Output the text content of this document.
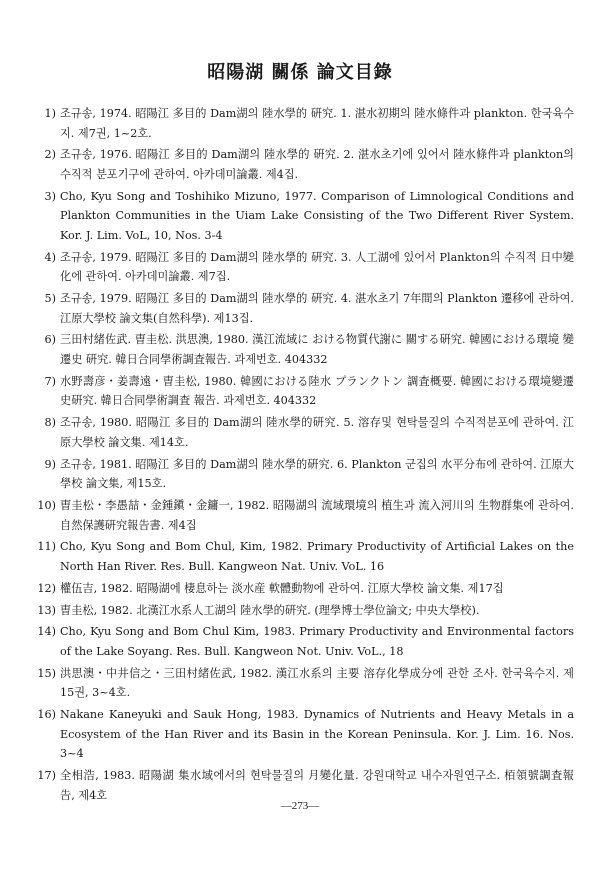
昭陽湖 關係 論文目錄
1) 조규송, 1974. 昭陽江 多目的 Dam湖의 陸水學的 硏究. 1. 湛水初期의 陸水條件과 plankton. 한국육수지. 제7권, 1~2호.
2) 조규송, 1976. 昭陽江 多目的 Dam湖의 陸水學的 硏究. 2. 湛水초기에 있어서 陸水條件과 plankton의 수직적 분포기구에 관하여. 아카데미論叢. 제4집.
3) Cho, Kyu Song and Toshihiko Mizuno, 1977. Comparison of Limnological Conditions and Plankton Communities in the Uiam Lake Consisting of the Two Different River System. Kor. J. Lim. VoL, 10, Nos. 3-4
4) 조규송, 1979. 昭陽江 多目的 Dam湖의 陸水學的 硏究. 3. 人工湖에 있어서 Plankton의 수직적 日中變化에 관하여. 아카데미論叢. 제7집.
5) 조규송, 1979. 昭陽江 多目的 Dam湖의 陸水學的 硏究. 4. 湛水초기 7年間의 Plankton 遷移에 관하여. 江原大學校 論文集(自然科學). 제13집.
6) 三田村緒佐武. 曺圭松. 洪思澳, 1980. 漢江流域に おける物質代謝に 關する硏究. 韓國における環境 變遷史 硏究. 韓日合同學術調査報告. 과제번호. 404332
7) 水野壽彦・姜壽遠・曺圭松, 1980. 韓國における陸水 プランクトン 調査概要. 韓國における環境變遷史硏究. 韓日合同學術調査 報告. 과제번호. 404332
8) 조규송, 1980. 昭陽江 多目的 Dam湖의 陸水學的硏究. 5. 溶存및 현탁물질의 수직적분포에 관하여. 江原大學校 論文集. 제14호.
9) 조규송, 1981. 昭陽江 多目的 Dam湖의 陸水學的硏究. 6. Plankton 군집의 水平分布에 관하여. 江原大學校 論文集, 제15호.
10) 曺圭松・李愚喆・金鍾鎭・金鏞一, 1982. 昭陽湖의 流域環境의 植生과 流入河川의 生物群集에 관하여. 自然保護硏究報告書. 제4집
11) Cho, Kyu Song and Bom Chul, Kim, 1982. Primary Productivity of Artificial Lakes on the North Han River. Res. Bull. Kangweon Nat. Univ. VoL. 16
12) 權伍吉, 1982. 昭陽湖에 棲息하는 淡水産 軟體動物에 관하여. 江原大學校 論文集. 제17집
13) 曺圭松, 1982. 北漢江水系人工湖의 陸水學的硏究. (理學博士學位論文; 中央大學校).
14) Cho, Kyu Song and Bom Chul Kim, 1983. Primary Productivity and Environmental factors of the Lake Soyang. Res. Bull. Kangweon Not. Univ. VoL., 18
15) 洪思澳・中井信之・三田村緒佐武, 1982. 漢江水系의 主要 溶存化學成分에 관한 조사. 한국육수지. 제15권, 3~4호.
16) Nakane Kaneyuki and Sauk Hong, 1983. Dynamics of Nutrients and Heavy Metals in a Ecosystem of the Han River and its Basin in the Korean Peninsula. Kor. J. Lim. 16. Nos. 3~4
17) 全相浩, 1983. 昭陽湖 集水域에서의 현탁물질의 月變化量. 강원대학교 내수자원연구소. 栢領號調査報告, 제4호
—273—
